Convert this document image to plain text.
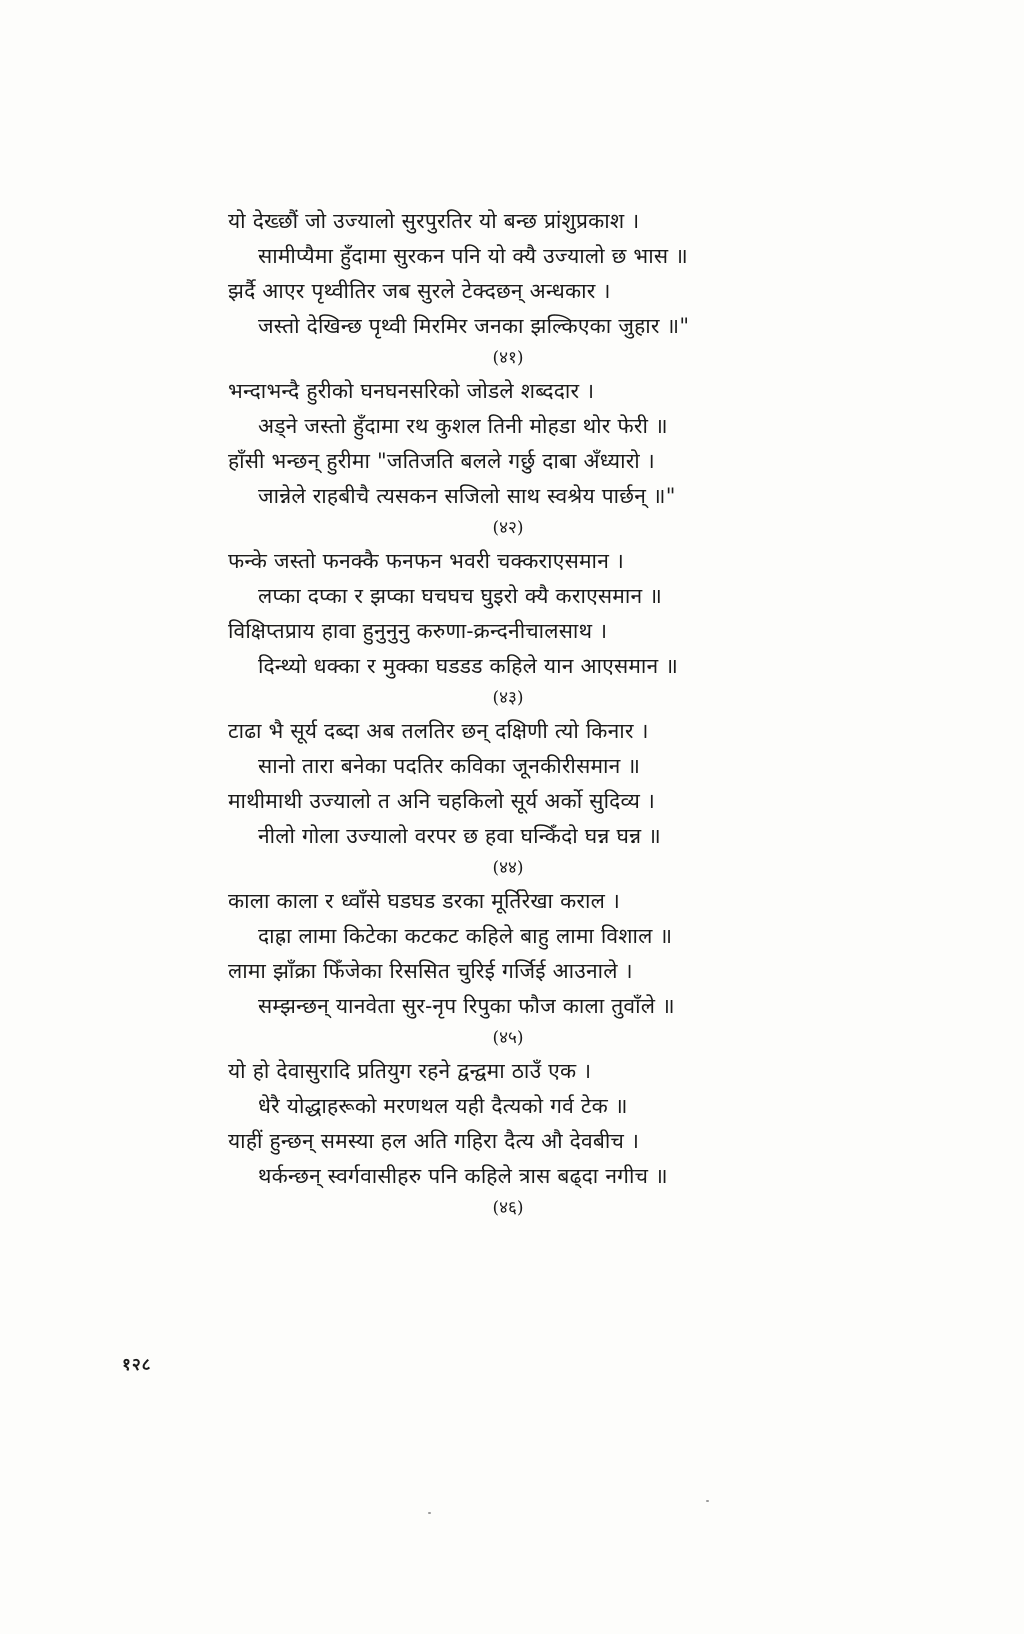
यो देख्छौं जो उज्यालो सुरपुरतिर यो बन्छ प्रांशुप्रकाश ।
सामीप्यैमा हुँदामा सुरकन पनि यो क्यै उज्यालो छ भास ॥
झर्दै आएर पृथ्वीतिर जब सुरले टेक्दछन् अन्धकार ।
जस्तो देखिन्छ पृथ्वी मिरमिर जनका झल्किएका जुहार ॥"
(४१)
भन्दाभन्दै हुरीको घनघनसरिको जोडले शब्ददार ।
अड्ने जस्तो हुँदामा रथ कुशल तिनी मोहडा थोर फेरी ॥
हाँसी भन्छन् हुरीमा "जतिजति बलले गर्छु दाबा अँध्यारो ।
जान्नेले राहबीचै त्यसकन सजिलो साथ स्वश्रेय पार्छन् ॥"
(४२)
फन्के जस्तो फनक्कै फनफन भवरी चक्कराएसमान ।
लप्का दप्का र झप्का घचघच घुइरो क्यै कराएसमान ॥
विक्षिप्तप्राय हावा हुनुनुनु करुणा-क्रन्दनीचालसाथ ।
दिन्थ्यो धक्का र मुक्का घडडड कहिले यान आएसमान ॥
(४३)
टाढा भै सूर्य दब्दा अब तलतिर छन् दक्षिणी त्यो किनार ।
सानो तारा बनेका पदतिर कविका जूनकीरीसमान ॥
माथीमाथी उज्यालो त अनि चहकिलो सूर्य अर्को सुदिव्य ।
नीलो गोला उज्यालो वरपर छ हवा घन्किँदो घन्न घन्न ॥
(४४)
काला काला र ध्वाँसे घडघड डरका मूर्तिरेखा कराल ।
दाह्रा लामा किटेका कटकट कहिले बाहु लामा विशाल ॥
लामा झाँक्रा फिँजेका रिससित चुरिई गर्जिई आउनाले ।
सम्झन्छन् यानवेता सुर-नृप रिपुका फौज काला तुवाँले ॥
(४५)
यो हो देवासुरादि प्रतियुग रहने द्वन्द्वमा ठाउँ एक ।
धेरै योद्धाहरूको मरणथल यही दैत्यको गर्व टेक ॥
याहीं हुन्छन् समस्या हल अति गहिरा दैत्य औ देवबीच ।
थर्कन्छन् स्वर्गवासीहरु पनि कहिले त्रास बढ्दा नगीच ॥
(४६)
१२८
